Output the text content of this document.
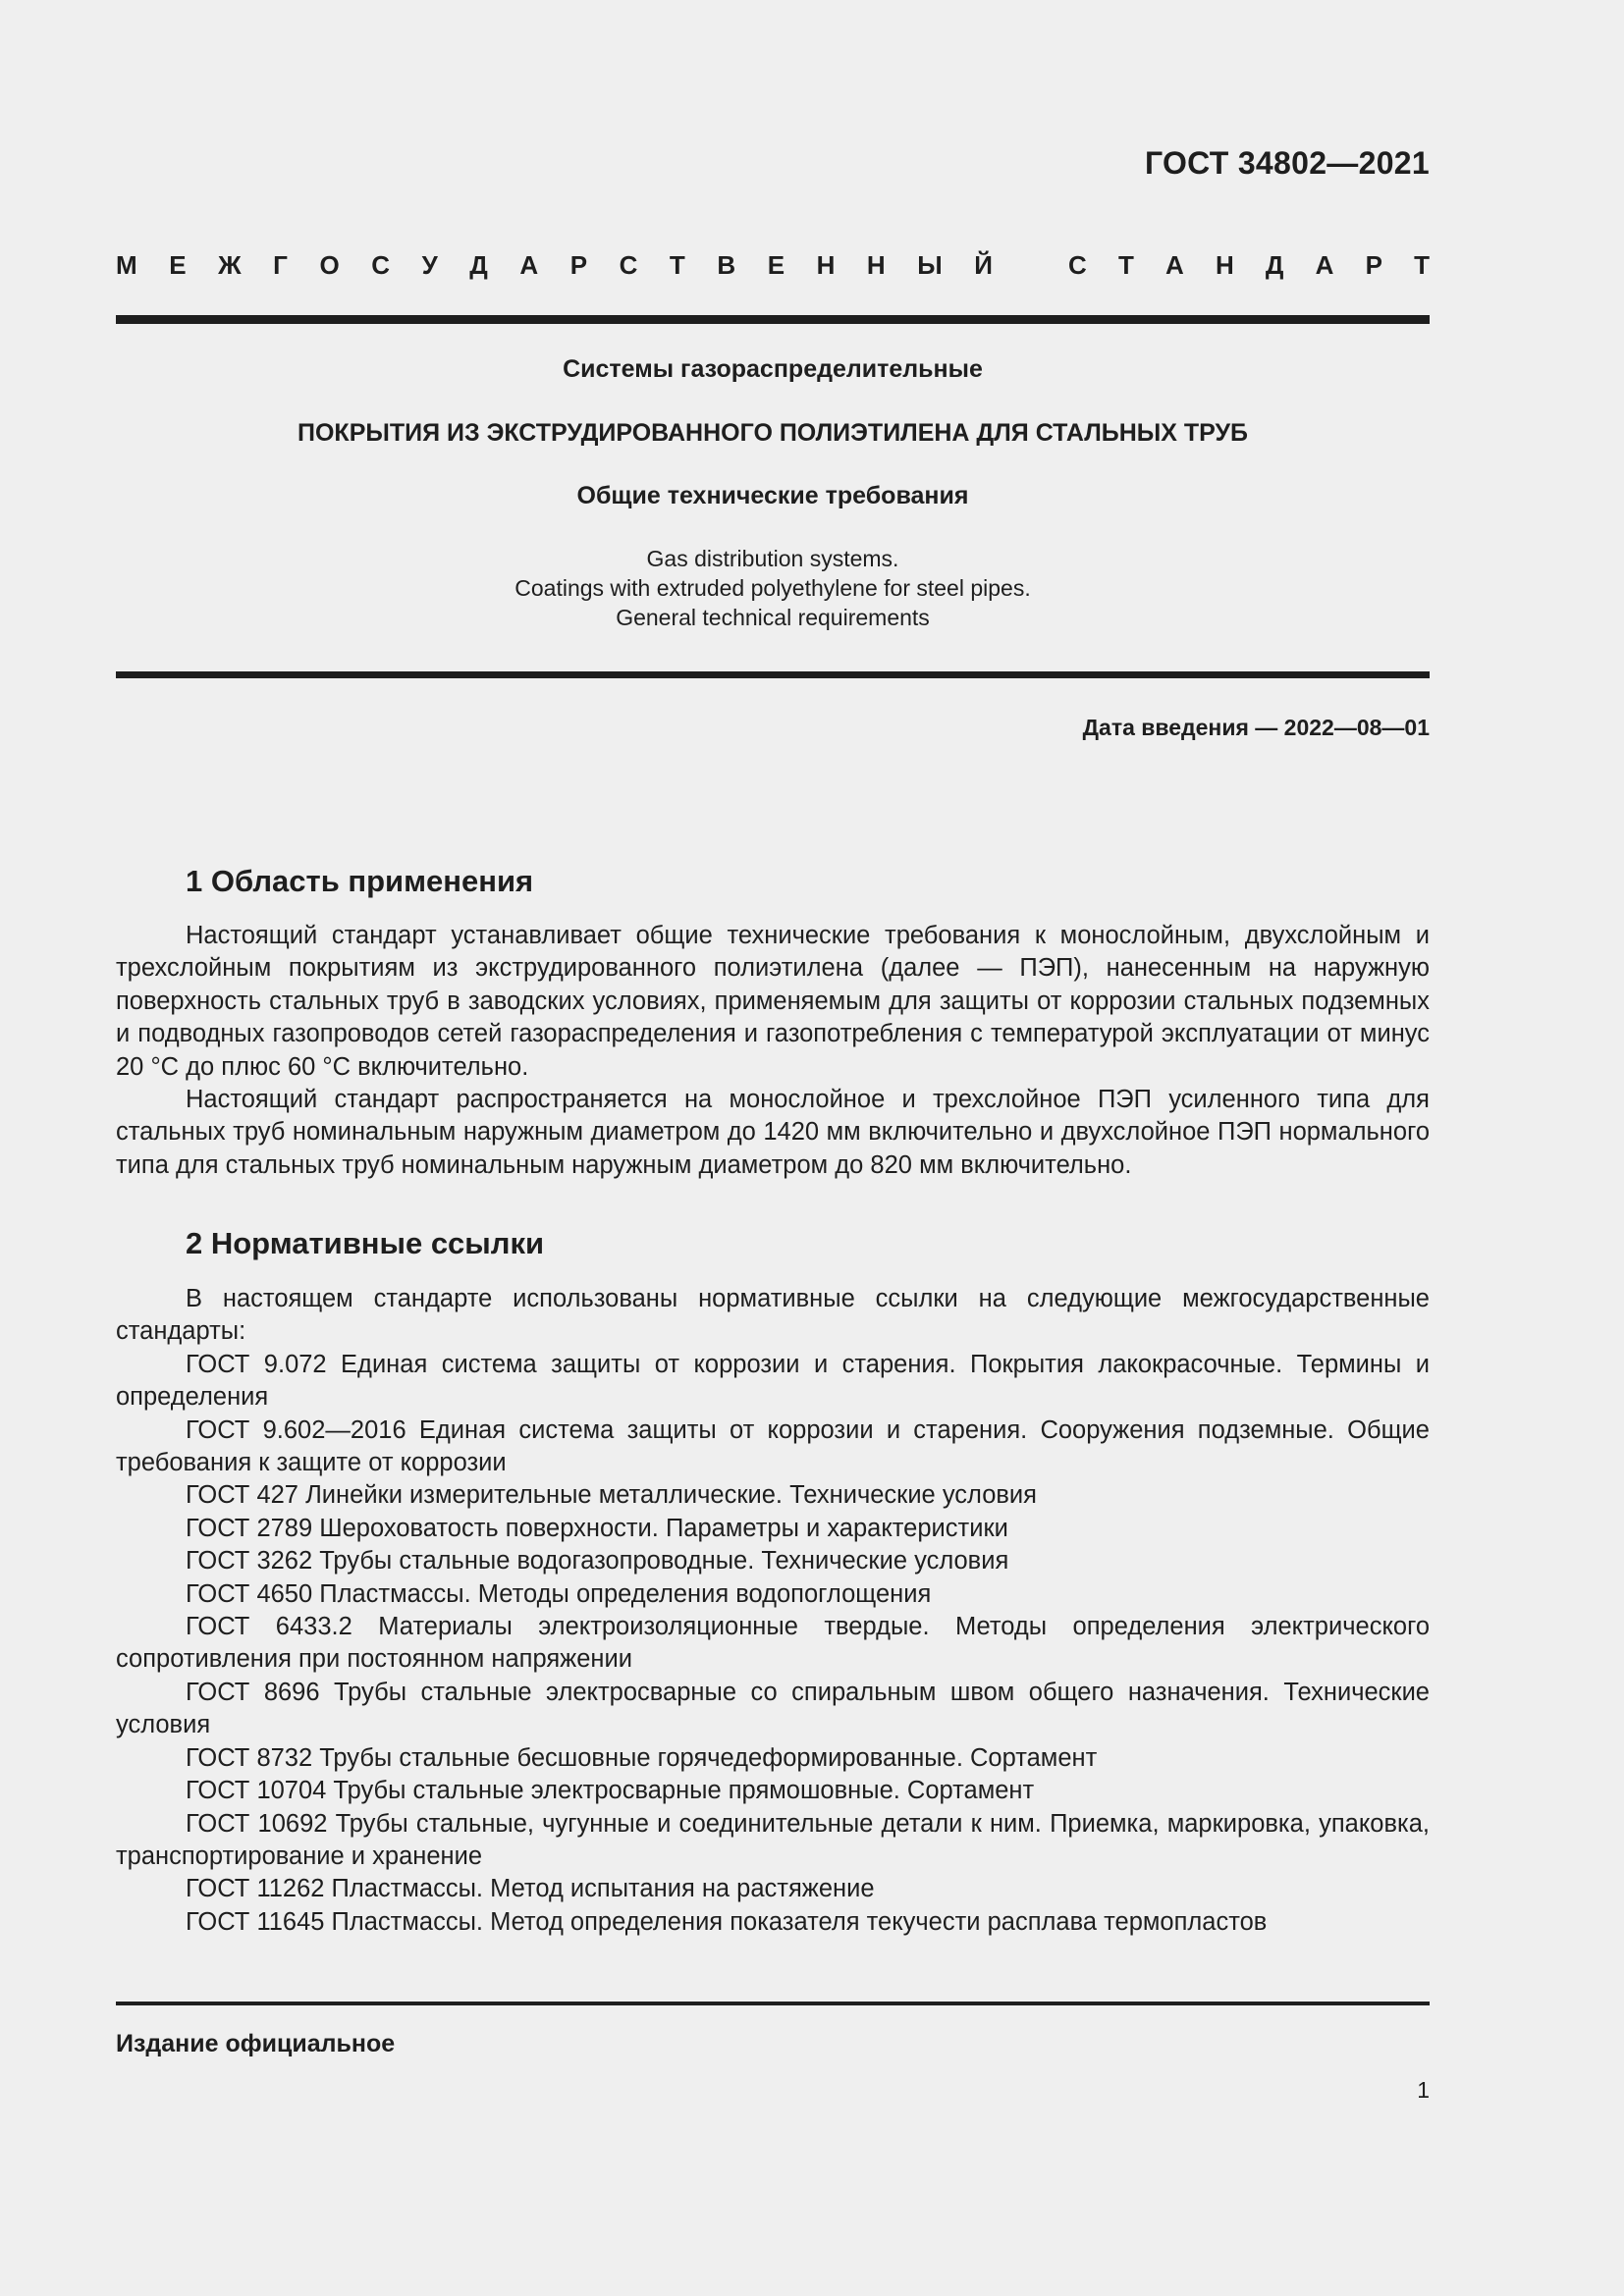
ГОСТ 34802—2021
М Е Ж Г О С У Д А Р С Т В Е Н Н Ы Й	С Т А Н Д А Р Т
Системы газораспределительные
ПОКРЫТИЯ ИЗ ЭКСТРУДИРОВАННОГО ПОЛИЭТИЛЕНА ДЛЯ СТАЛЬНЫХ ТРУБ
Общие технические требования
Gas distribution systems.
Coatings with extruded polyethylene for steel pipes.
General technical requirements
Дата введения — 2022—08—01
1 Область применения

Настоящий стандарт устанавливает общие технические требования к монослойным, двухслойным и трехслойным покрытиям из экструдированного полиэтилена (далее — ПЭП), нанесенным на наружную поверхность стальных труб в заводских условиях, применяемым для защиты от коррозии стальных подземных и подводных газопроводов сетей газораспределения и газопотребления с температурой эксплуатации от минус 20 °С до плюс 60 °С включительно.

Настоящий стандарт распространяется на монослойное и трехслойное ПЭП усиленного типа для стальных труб номинальным наружным диаметром до 1420 мм включительно и двухслойное ПЭП нормального типа для стальных труб номинальным наружным диаметром до 820 мм включительно.

2 Нормативные ссылки

В настоящем стандарте использованы нормативные ссылки на следующие межгосударственные стандарты:

ГОСТ 9.072 Единая система защиты от коррозии и старения. Покрытия лакокрасочные. Термины и определения

ГОСТ 9.602—2016 Единая система защиты от коррозии и старения. Сооружения подземные. Общие требования к защите от коррозии

ГОСТ 427 Линейки измерительные металлические. Технические условия

ГОСТ 2789 Шероховатость поверхности. Параметры и характеристики

ГОСТ 3262 Трубы стальные водогазопроводные. Технические условия

ГОСТ 4650 Пластмассы. Методы определения водопоглощения

ГОСТ 6433.2 Материалы электроизоляционные твердые. Методы определения электрического сопротивления при постоянном напряжении

ГОСТ 8696 Трубы стальные электросварные со спиральным швом общего назначения. Технические условия

ГОСТ 8732 Трубы стальные бесшовные горячедеформированные. Сортамент

ГОСТ 10704 Трубы стальные электросварные прямошовные. Сортамент

ГОСТ 10692 Трубы стальные, чугунные и соединительные детали к ним. Приемка, маркировка, упаковка, транспортирование и хранение

ГОСТ 11262 Пластмассы. Метод испытания на растяжение

ГОСТ 11645 Пластмассы. Метод определения показателя текучести расплава термопластов

Издание официальное
1
